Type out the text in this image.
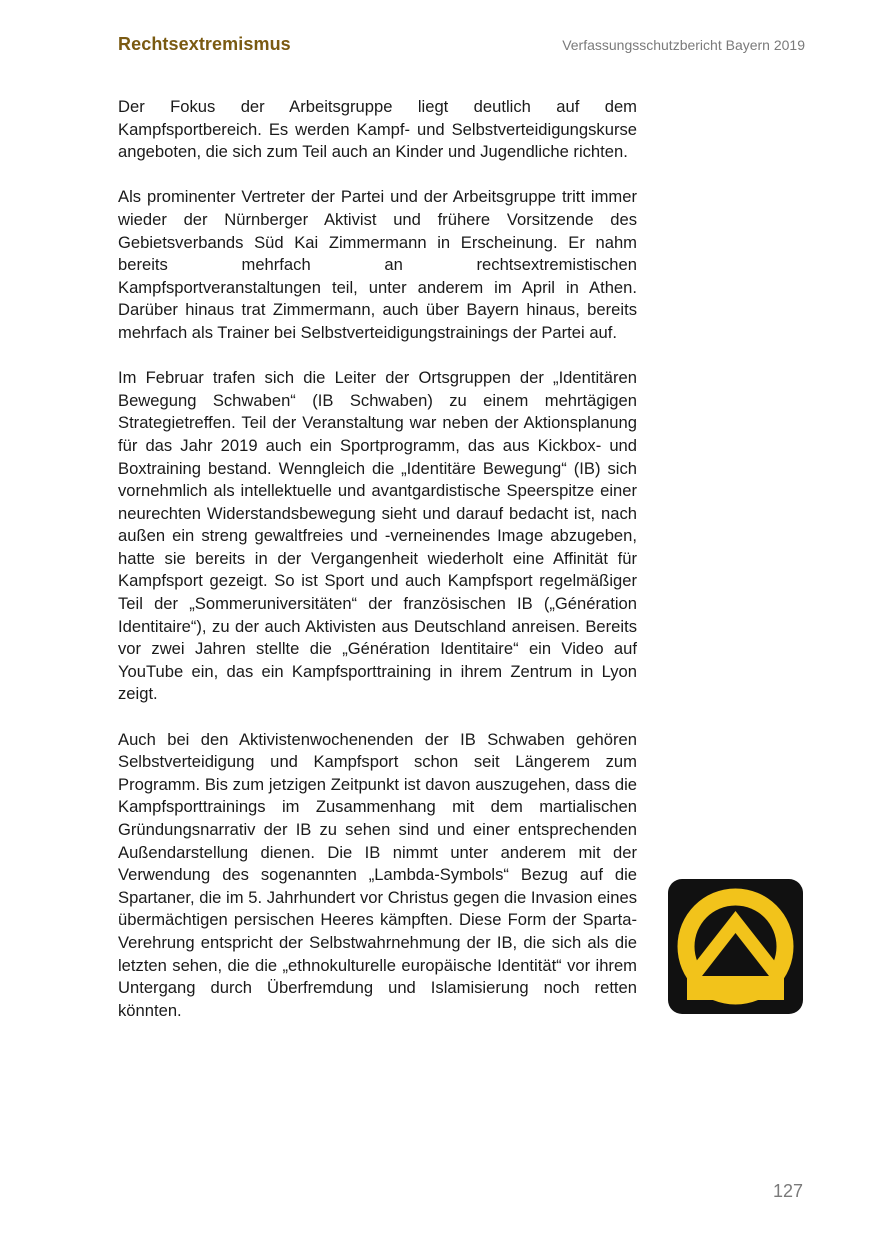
Rechtsextremismus	Verfassungsschutzbericht Bayern 2019

Der Fokus der Arbeitsgruppe liegt deutlich auf dem Kampfsportbereich. Es werden Kampf- und Selbstverteidigungskurse angeboten, die sich zum Teil auch an Kinder und Jugendliche richten.

Als prominenter Vertreter der Partei und der Arbeitsgruppe tritt immer wieder der Nürnberger Aktivist und frühere Vorsitzende des Gebietsverbands Süd Kai Zimmermann in Erscheinung. Er nahm bereits mehrfach an rechtsextremistischen Kampfsportveranstaltungen teil, unter anderem im April in Athen. Darüber hinaus trat Zimmermann, auch über Bayern hinaus, bereits mehrfach als Trainer bei Selbstverteidigungstrainings der Partei auf.

Im Februar trafen sich die Leiter der Ortsgruppen der „Identitären Bewegung Schwaben“ (IB Schwaben) zu einem mehrtägigen Strategietreffen. Teil der Veranstaltung war neben der Aktionsplanung für das Jahr 2019 auch ein Sportprogramm, das aus Kickbox- und Boxtraining bestand. Wenngleich die „Identitäre Bewegung“ (IB) sich vornehmlich als intellektuelle und avantgardistische Speerspitze einer neurechten Widerstandsbewegung sieht und darauf bedacht ist, nach außen ein streng gewaltfreies und -verneinendes Image abzugeben, hatte sie bereits in der Vergangenheit wiederholt eine Affinität für Kampfsport gezeigt. So ist Sport und auch Kampfsport regelmäßiger Teil der „Sommeruniversitäten“ der französischen IB („Génération Identitaire“), zu der auch Aktivisten aus Deutschland anreisen. Bereits vor zwei Jahren stellte die „Génération Identitaire“ ein Video auf YouTube ein, das ein Kampfsporttraining in ihrem Zentrum in Lyon zeigt.

Auch bei den Aktivistenwochenenden der IB Schwaben gehören Selbstverteidigung und Kampfsport schon seit Längerem zum Programm. Bis zum jetzigen Zeitpunkt ist davon auszugehen, dass die Kampfsporttrainings im Zusammenhang mit dem martialischen Gründungsnarrativ der IB zu sehen sind und einer entsprechenden Außendarstellung dienen. Die IB nimmt unter anderem mit der Verwendung des sogenannten „Lambda-Symbols“ Bezug auf die Spartaner, die im 5. Jahrhundert vor Christus gegen die Invasion eines übermächtigen persischen Heeres kämpften. Diese Form der Sparta-Verehrung entspricht der Selbstwahrnehmung der IB, die sich als die letzten sehen, die die „ethnokulturelle europäische Identität“ vor ihrem Untergang durch Überfremdung und Islamisierung noch retten könnten.

127
